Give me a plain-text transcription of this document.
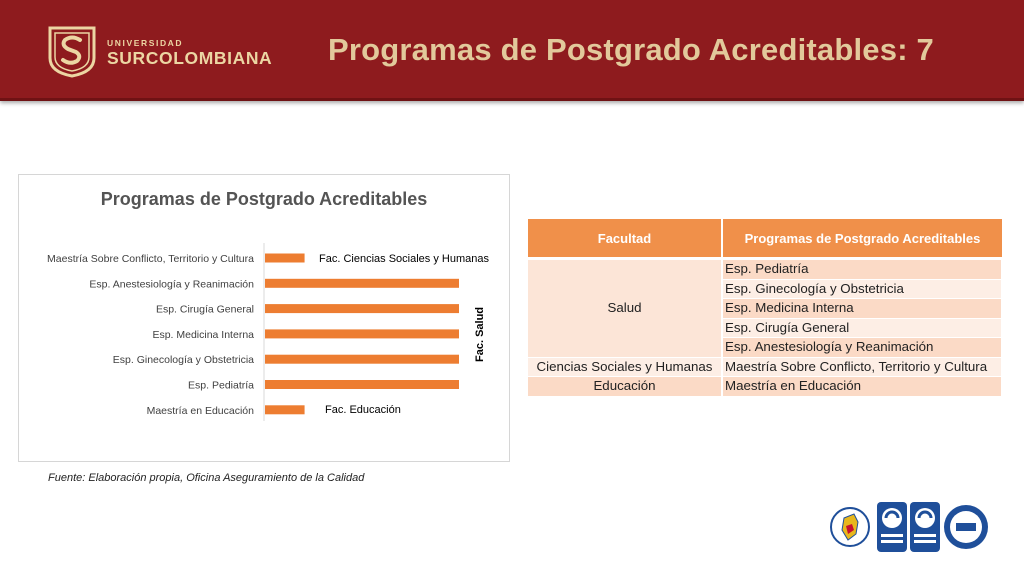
UNIVERSIDAD
SURCOLOMBIANA Programas de Postgrado Acreditables: 7
Programas de Postgrado Acreditables
Maestría Sobre Conflicto, Territorio y Cultura
Esp. Anestesiología y Reanimación
Esp. Cirugía General
Esp. Medicina Interna
Esp. Ginecología y Obstetricia
Esp. Pediatría
Maestría en Educación
Fac. Ciencias Sociales y Humanas
Fac. Educación
Fac. Salud
Fuente: Elaboración propia, Oficina Aseguramiento de la Calidad
Facultad	Programas de Postgrado Acreditables
Salud	Esp. Pediatría
	Esp. Ginecología y Obstetricia
	Esp. Medicina Interna
	Esp. Cirugía General
	Esp. Anestesiología y Reanimación
Ciencias Sociales y Humanas	Maestría Sobre Conflicto, Territorio y Cultura
Educación	Maestría en Educación
